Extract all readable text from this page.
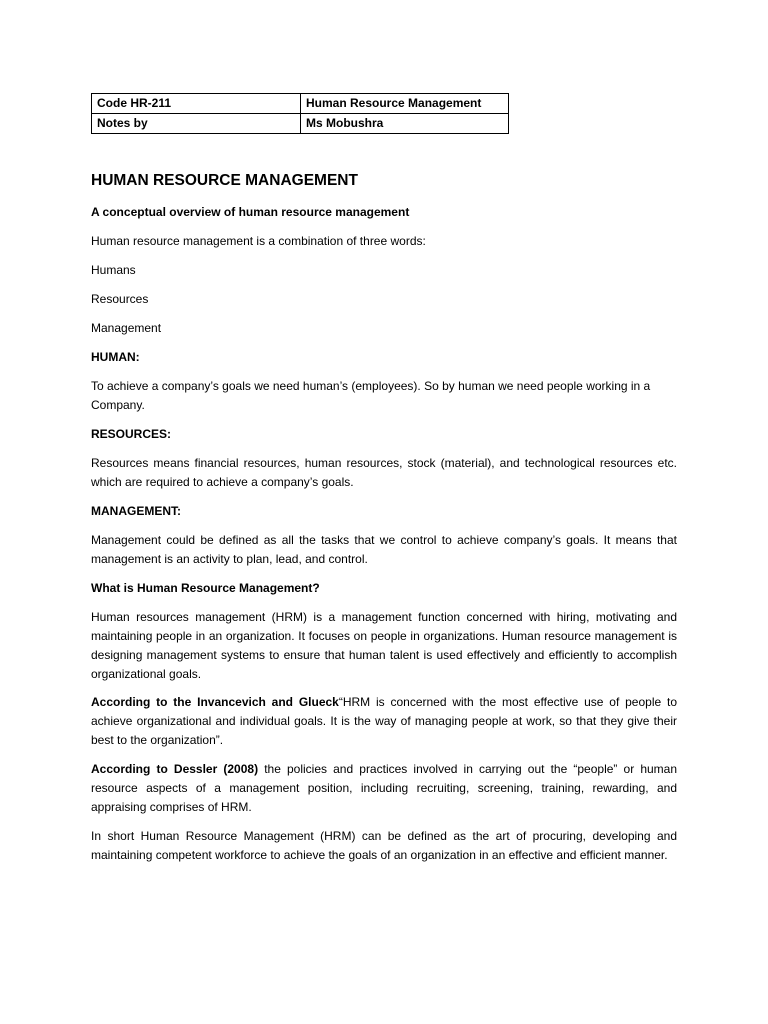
Code HR-211	Human Resource Management
Notes by	Ms Mobushra
HUMAN RESOURCE MANAGEMENT

A conceptual overview of human resource management

Human resource management is a combination of three words:

Humans

Resources

Management

HUMAN:

To achieve a company’s goals we need human’s (employees). So by human we need people working in a Company.

RESOURCES:

Resources means financial resources, human resources, stock (material), and technological resources etc. which are required to achieve a company’s goals.

MANAGEMENT:

Management could be defined as all the tasks that we control to achieve company’s goals. It means that management is an activity to plan, lead, and control.

What is Human Resource Management?

Human resources management (HRM) is a management function concerned with hiring, motivating and maintaining people in an organization. It focuses on people in organizations. Human resource management is designing management systems to ensure that human talent is used effectively and efficiently to accomplish organizational goals.

According to the Invancevich and Glueck“HRM is concerned with the most effective use of people to achieve organizational and individual goals. It is the way of managing people at work, so that they give their best to the organization”.

According to Dessler (2008) the policies and practices involved in carrying out the “people” or human resource aspects of a management position, including recruiting, screening, training, rewarding, and appraising comprises of HRM.

In short Human Resource Management (HRM) can be defined as the art of procuring, developing and maintaining competent workforce to achieve the goals of an organization in an effective and efficient manner.
